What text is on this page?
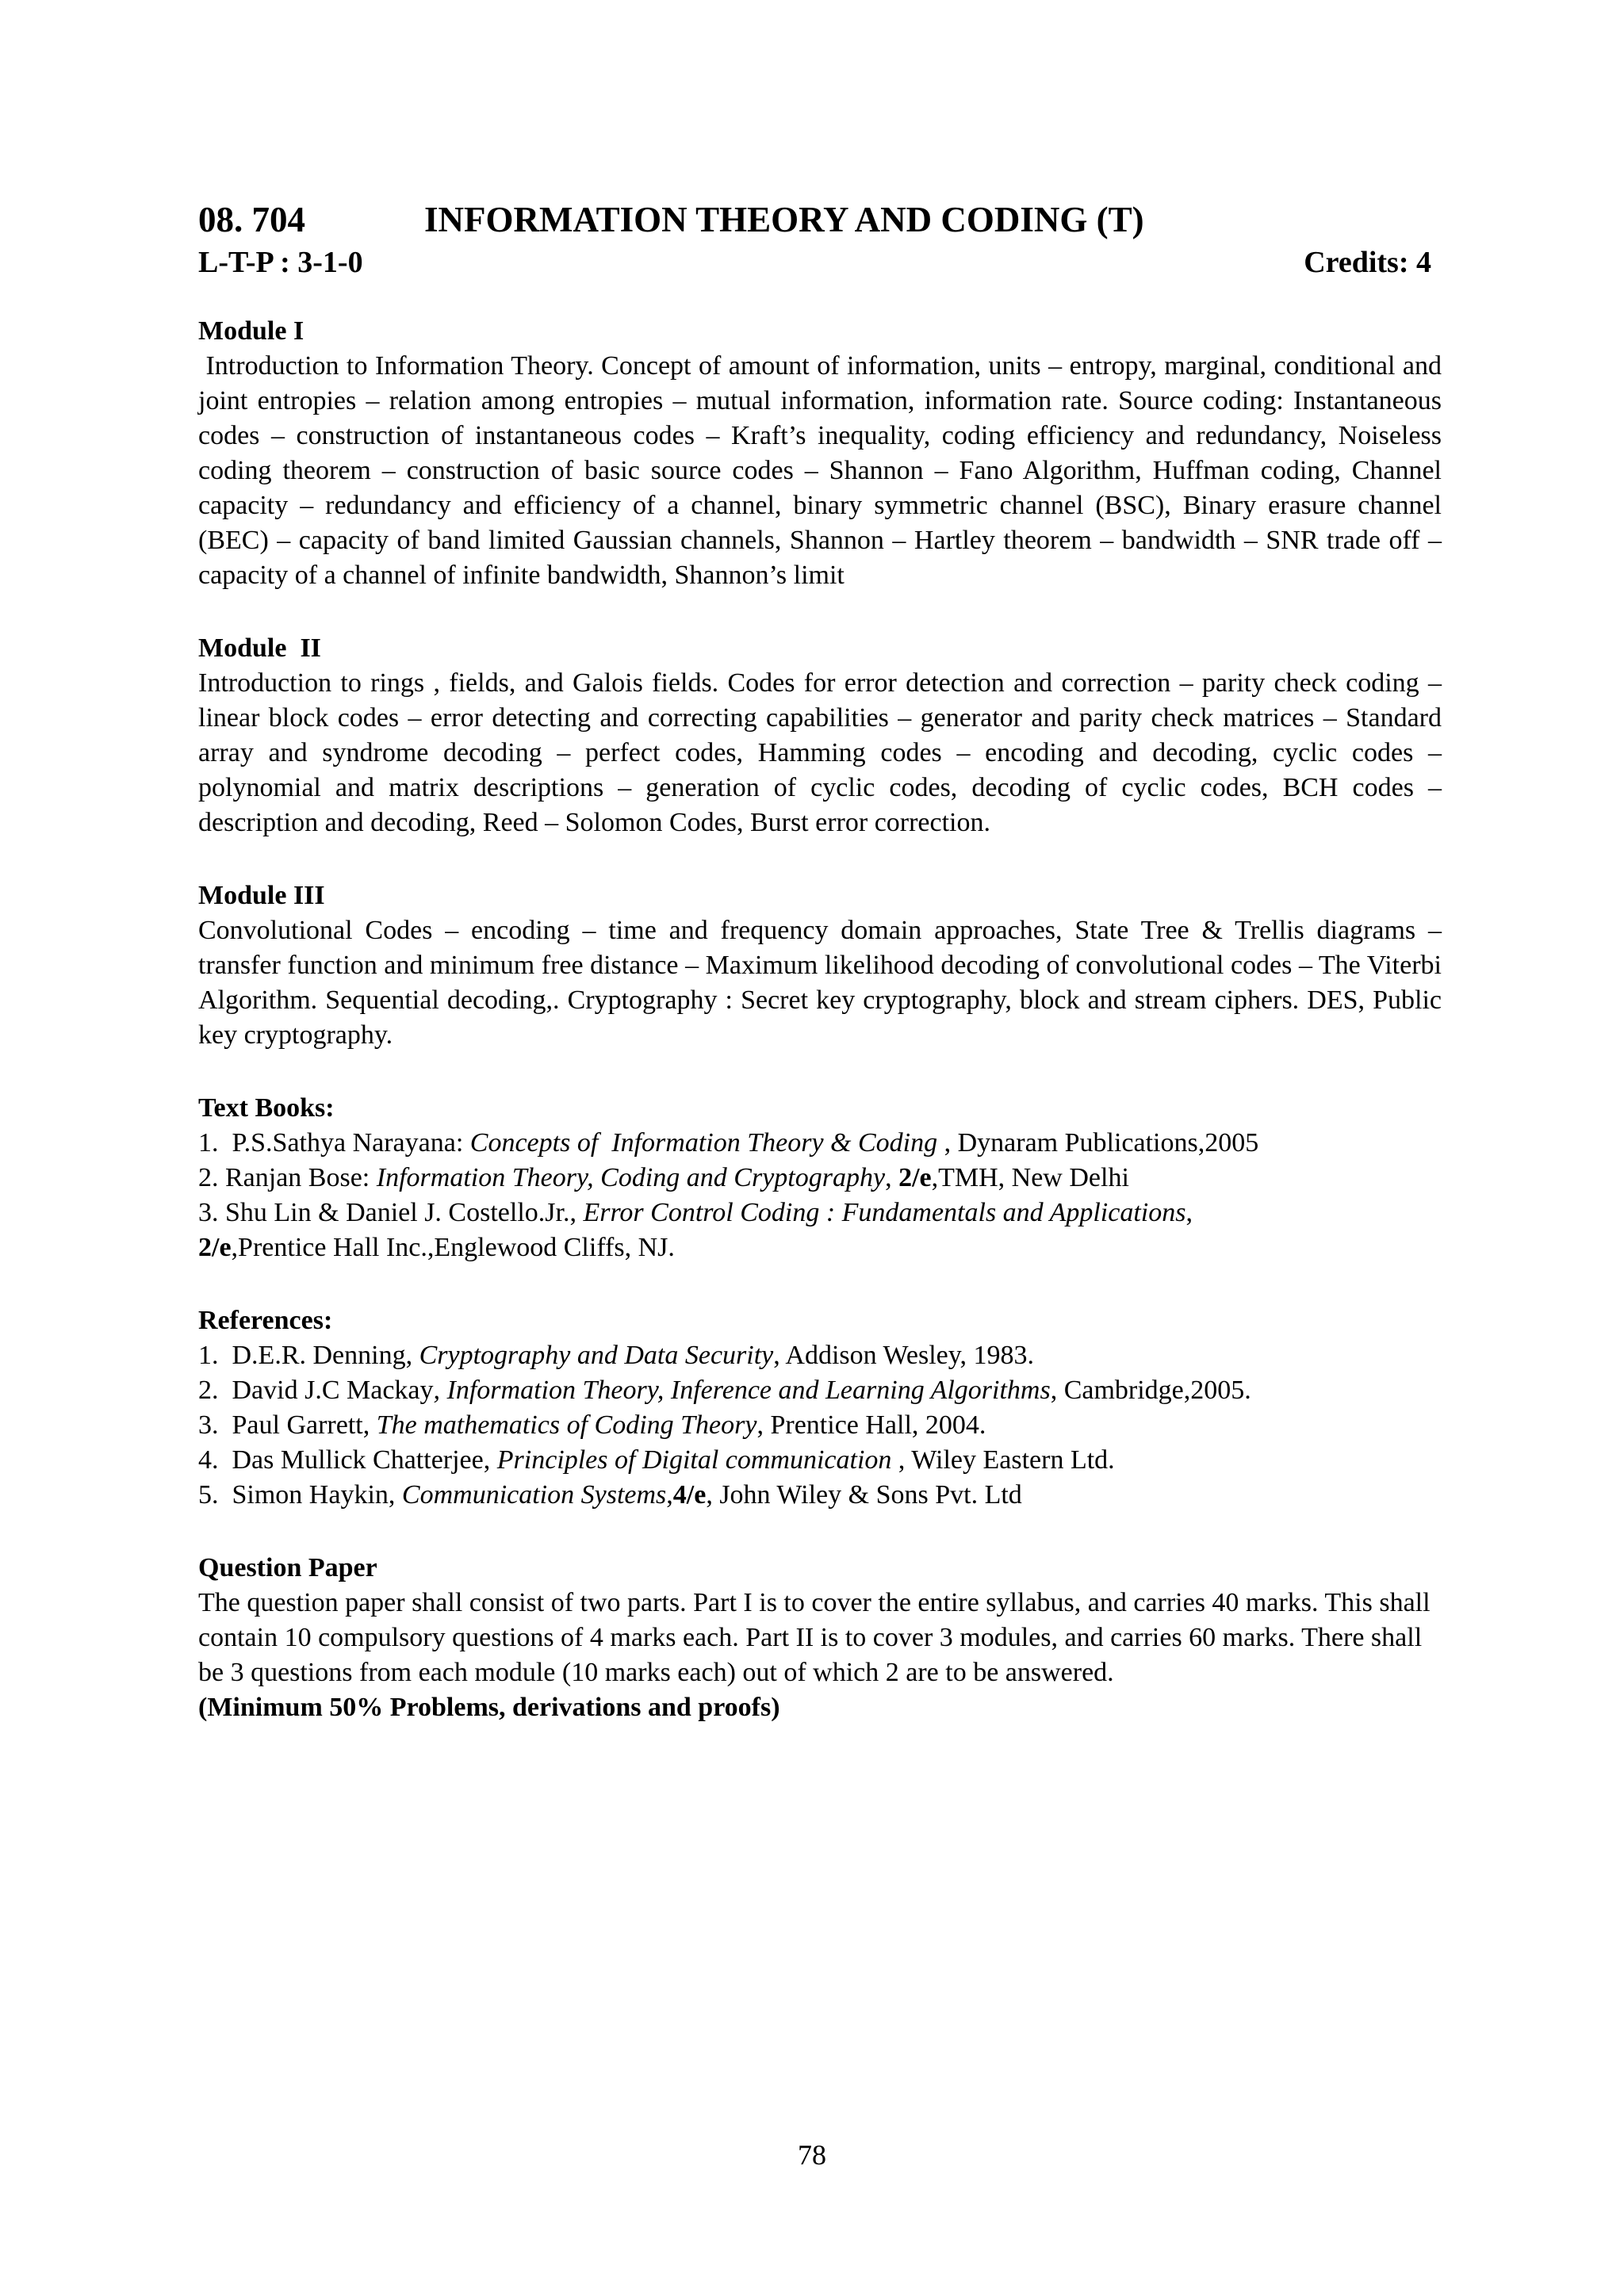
08. 704	INFORMATION THEORY AND CODING (T)
L-T-P : 3-1-0	Credits: 4
Module I
Introduction to Information Theory. Concept of amount of information, units – entropy, marginal, conditional and joint entropies – relation among entropies – mutual information, information rate. Source coding: Instantaneous codes – construction of instantaneous codes – Kraft’s inequality, coding efficiency and redundancy, Noiseless coding theorem – construction of basic source codes – Shannon – Fano Algorithm, Huffman coding, Channel capacity – redundancy and efficiency of a channel, binary symmetric channel (BSC), Binary erasure channel (BEC) – capacity of band limited Gaussian channels, Shannon – Hartley theorem – bandwidth – SNR trade off – capacity of a channel of infinite bandwidth, Shannon’s limit
Module  II
Introduction to rings , fields, and Galois fields. Codes for error detection and correction – parity check coding – linear block codes – error detecting and correcting capabilities – generator and parity check matrices – Standard array and syndrome decoding – perfect codes, Hamming codes – encoding and decoding, cyclic codes – polynomial and matrix descriptions – generation of cyclic codes, decoding of cyclic codes, BCH codes – description and decoding, Reed – Solomon Codes, Burst error correction.
Module III
Convolutional Codes – encoding – time and frequency domain approaches, State Tree & Trellis diagrams – transfer function and minimum free distance – Maximum likelihood decoding of convolutional codes – The Viterbi Algorithm. Sequential decoding,. Cryptography : Secret key cryptography, block and stream ciphers. DES, Public key cryptography.
Text Books:
1.  P.S.Sathya Narayana: Concepts of  Information Theory & Coding , Dynaram Publications,2005
2. Ranjan Bose: Information Theory, Coding and Cryptography, 2/e,TMH, New Delhi
3. Shu Lin & Daniel J. Costello.Jr., Error Control Coding : Fundamentals and Applications,
2/e,Prentice Hall Inc.,Englewood Cliffs, NJ.
References:
1.  D.E.R. Denning, Cryptography and Data Security, Addison Wesley, 1983.
2.  David J.C Mackay, Information Theory, Inference and Learning Algorithms, Cambridge,2005.
3.  Paul Garrett, The mathematics of Coding Theory, Prentice Hall, 2004.
4.  Das Mullick Chatterjee, Principles of Digital communication , Wiley Eastern Ltd.
5.  Simon Haykin, Communication Systems,4/e, John Wiley & Sons Pvt. Ltd
Question Paper
The question paper shall consist of two parts. Part I is to cover the entire syllabus, and carries 40 marks. This shall contain 10 compulsory questions of 4 marks each. Part II is to cover 3 modules, and carries 60 marks. There shall be 3 questions from each module (10 marks each) out of which 2 are to be answered.
(Minimum 50% Problems, derivations and proofs)
78
